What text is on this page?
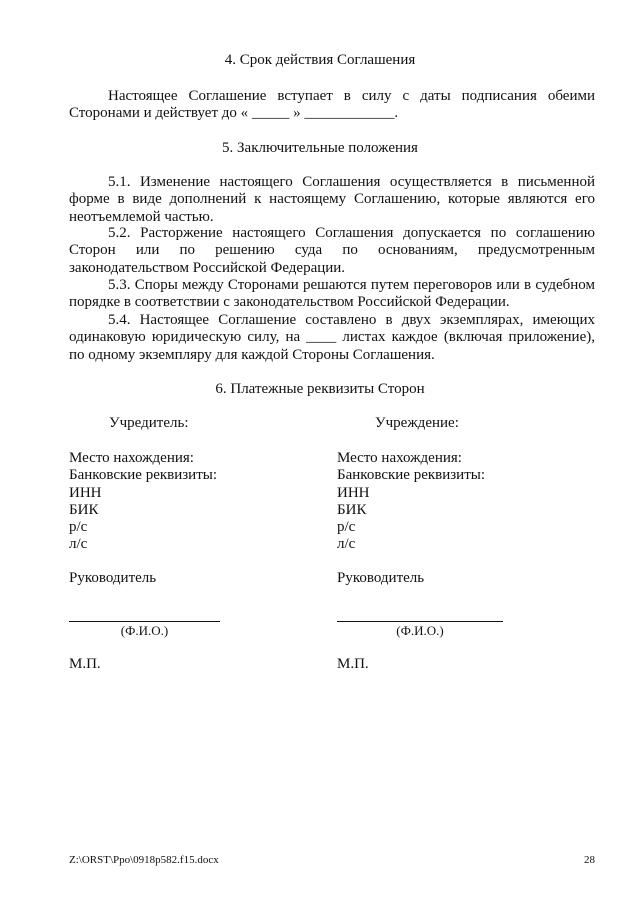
4. Срок действия Соглашения
Настоящее Соглашение вступает в силу с даты подписания обеими Сторонами и действует до « _____ » ____________.
5. Заключительные положения
5.1. Изменение настоящего Соглашения осуществляется в письменной форме в виде дополнений к настоящему Соглашению, которые являются его неотъемлемой частью.
5.2. Расторжение настоящего Соглашения допускается по соглашению Сторон или по решению суда по основаниям, предусмотренным законодательством Российской Федерации.
5.3. Споры между Сторонами решаются путем переговоров или в судебном порядке в соответствии с законодательством Российской Федерации.
5.4. Настоящее Соглашение составлено в двух экземплярах, имеющих одинаковую юридическую силу, на ____ листах каждое (включая приложение), по одному экземпляру для каждой Стороны Соглашения.
6. Платежные реквизиты Сторон
Учредитель:
Место нахождения:
Банковские реквизиты:
ИНН
БИК
р/с
л/с
Руководитель
(Ф.И.О.)
М.П.
Учреждение:
Место нахождения:
Банковские реквизиты:
ИНН
БИК
р/с
л/с
Руководитель
(Ф.И.О.)
М.П.
Z:\ORST\Ppo\0918p582.f15.docx	28
